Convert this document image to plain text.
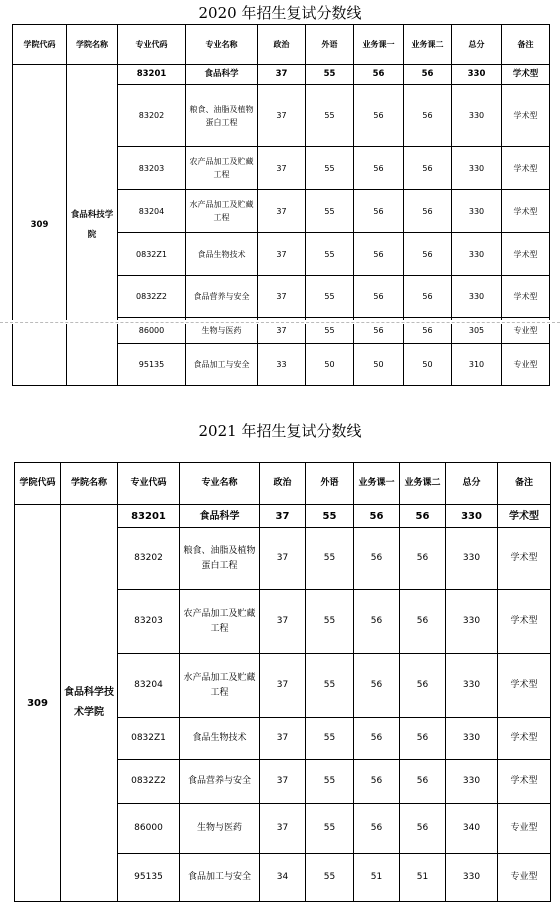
2020 年招生复试分数线
学院代码	学院名称	专业代码	专业名称	政治	外语	业务课一	业务课二	总分	备注
309	食品科技学院	83201	食品科学	37	55	56	56	330	学术型
		83202	粮食、油脂及植物蛋白工程	37	55	56	56	330	学术型
		83203	农产品加工及贮藏工程	37	55	56	56	330	学术型
		83204	水产品加工及贮藏工程	37	55	56	56	330	学术型
		0832Z1	食品生物技术	37	55	56	56	330	学术型
		0832Z2	食品营养与安全	37	55	56	56	330	学术型
		86000	生物与医药	37	55	56	56	305	专业型
		95135	食品加工与安全	33	50	50	50	310	专业型
2021 年招生复试分数线
学院代码	学院名称	专业代码	专业名称	政治	外语	业务课一	业务课二	总分	备注
309	食品科学技术学院	83201	食品科学	37	55	56	56	330	学术型
		83202	粮食、油脂及植物蛋白工程	37	55	56	56	330	学术型
		83203	农产品加工及贮藏工程	37	55	56	56	330	学术型
		83204	水产品加工及贮藏工程	37	55	56	56	330	学术型
		0832Z1	食品生物技术	37	55	56	56	330	学术型
		0832Z2	食品营养与安全	37	55	56	56	330	学术型
		86000	生物与医药	37	55	56	56	340	专业型
		95135	食品加工与安全	34	55	51	51	330	专业型
